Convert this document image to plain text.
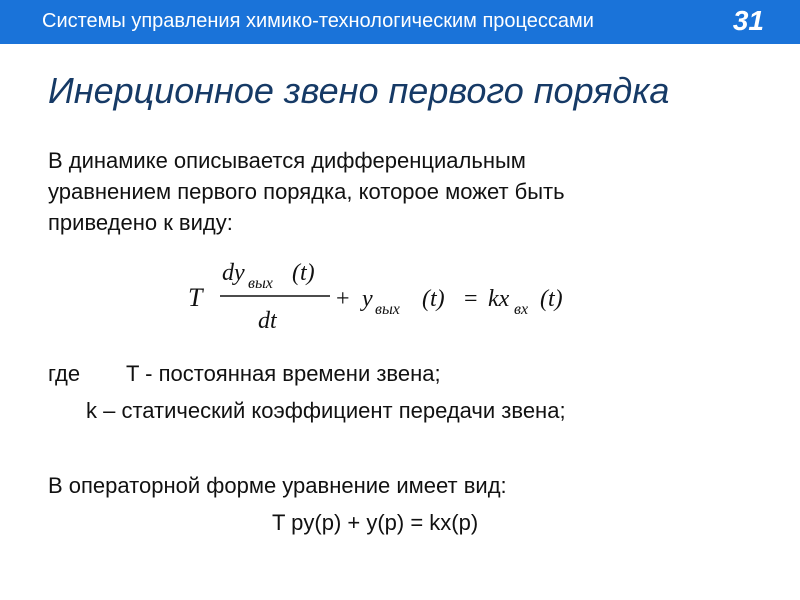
Системы управления химико-технологическим процессами	31
Инерционное звено первого порядка
В динамике описывается дифференциальным
уравнением первого порядка, которое может быть
приведено к виду:
T
dy вых (t)
dt
+ y вых (t) = kx вх (t)
где T - постоянная времени звена;
k – статический коэффициент передачи звена;
В операторной форме уравнение имеет вид:
T py(p) + y(p) = kx(p)
